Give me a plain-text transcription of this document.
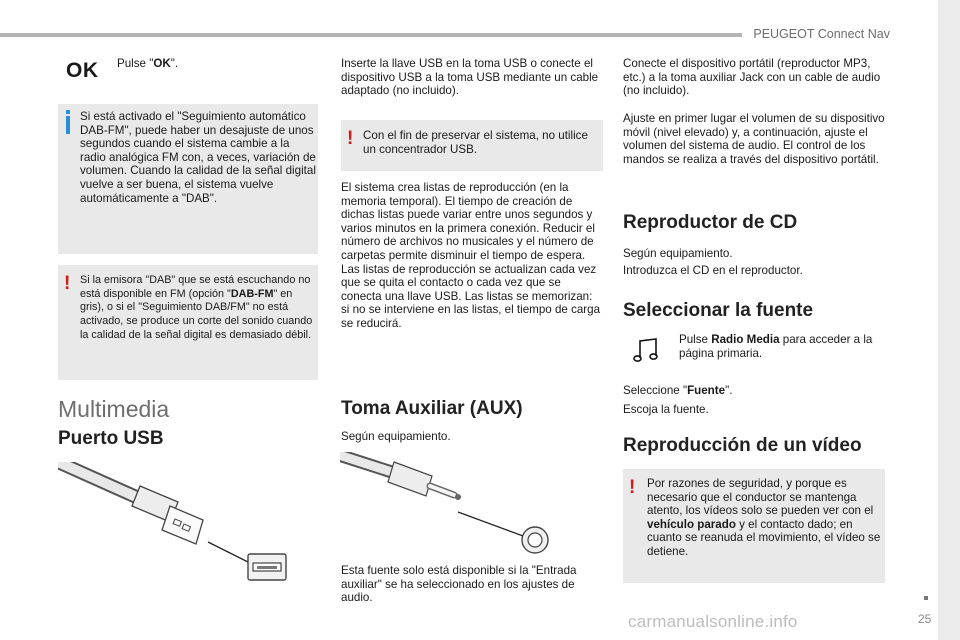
PEUGEOT Connect Nav
25
carmanualsonline.info
OK Pulse "OK".

Si está activado el "Seguimiento automático DAB-FM", puede haber un desajuste de unos segundos cuando el sistema cambie a la radio analógica FM con, a veces, variación de volumen. Cuando la calidad de la señal digital vuelve a ser buena, el sistema vuelve automáticamente a "DAB".

! Si la emisora "DAB" que se está escuchando no está disponible en FM (opción "DAB-FM" en gris), o si el "Seguimiento DAB/FM" no está activado, se produce un corte del sonido cuando la calidad de la señal digital es demasiado débil.

Multimedia
Puerto USB

Inserte la llave USB en la toma USB o conecte el dispositivo USB a la toma USB mediante un cable adaptado (no incluido).

! Con el fin de preservar el sistema, no utilice un concentrador USB.

El sistema crea listas de reproducción (en la memoria temporal). El tiempo de creación de dichas listas puede variar entre unos segundos y varios minutos en la primera conexión. Reducir el número de archivos no musicales y el número de carpetas permite disminuir el tiempo de espera. Las listas de reproducción se actualizan cada vez que se quita el contacto o cada vez que se conecta una llave USB. Las listas se memorizan: si no se interviene en las listas, el tiempo de carga se reducirá.

Toma Auxiliar (AUX)

Según equipamiento.

Esta fuente solo está disponible si la "Entrada auxiliar" se ha seleccionado en los ajustes de audio.

Conecte el dispositivo portátil (reproductor MP3, etc.) a la toma auxiliar Jack con un cable de audio (no incluido).

Ajuste en primer lugar el volumen de su dispositivo móvil (nivel elevado) y, a continuación, ajuste el volumen del sistema de audio. El control de los mandos se realiza a través del dispositivo portátil.

Reproductor de CD

Según equipamiento.

Introduzca el CD en el reproductor.

Seleccionar la fuente

Pulse Radio Media para acceder a la página primaria.

Seleccione "Fuente".

Escoja la fuente.

Reproducción de un vídeo
! Por razones de seguridad, y porque es necesario que el conductor se mantenga atento, los vídeos solo se pueden ver con el vehículo parado y el contacto dado; en cuanto se reanuda el movimiento, el vídeo se detiene.
